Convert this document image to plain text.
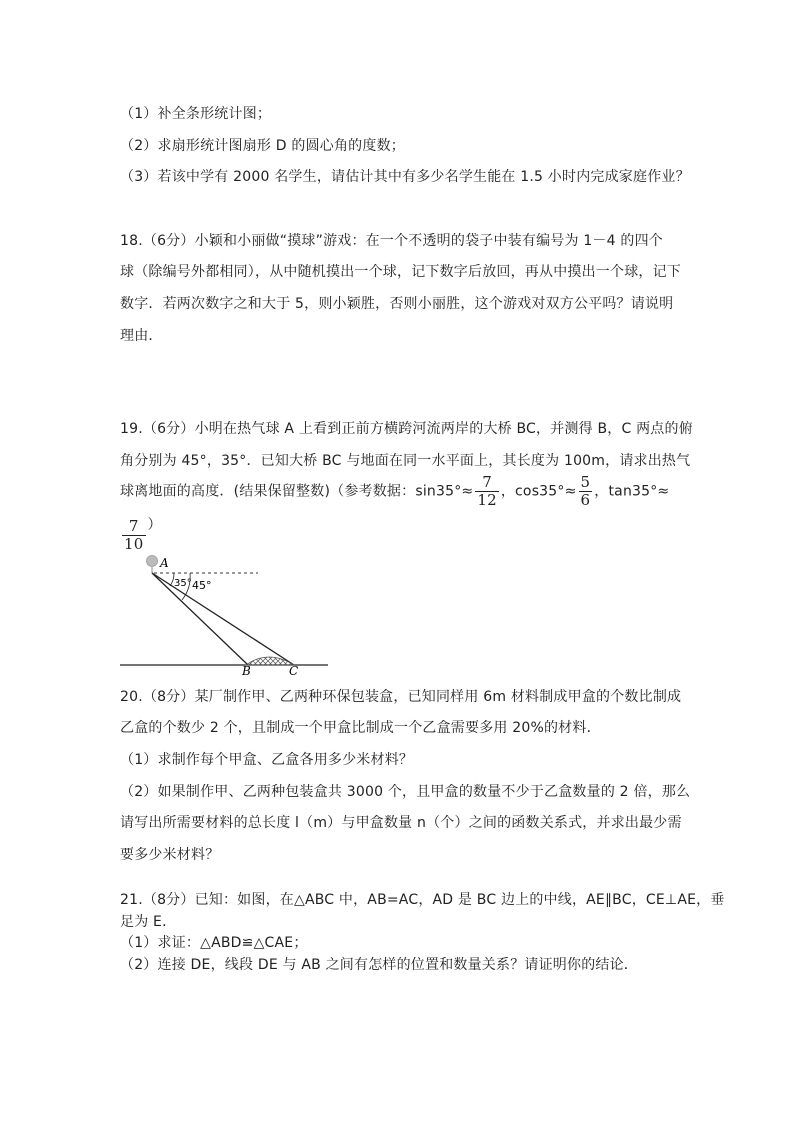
（1）补全条形统计图；
（2）求扇形统计图扇形 D 的圆心角的度数；
（3）若该中学有 2000 名学生，请估计其中有多少名学生能在 1.5 小时内完成家庭作业？
18.（6分）小颖和小丽做“摸球”游戏：在一个不透明的袋子中装有编号为 1－4 的四个
球（除编号外都相同），从中随机摸出一个球，记下数字后放回，再从中摸出一个球，记下
数字．若两次数字之和大于 5，则小颖胜，否则小丽胜，这个游戏对双方公平吗？请说明
理由．
19.（6分）小明在热气球 A 上看到正前方横跨河流两岸的大桥 BC，并测得 B，C 两点的俯
角分别为 45°，35°．已知大桥 BC 与地面在同一水平面上，其长度为 100m，请求出热气
球离地面的高度．(结果保留整数)（参考数据：$\sin 35^\circ\approx \frac{7}{12}$ ，$\cos 35^\circ\approx \frac{5}{6}$ ，tan35°≈
$\frac{7}{10}$ ）
A
35° 45°
B	C
20.（8分）某厂制作甲、乙两种环保包装盒，已知同样用 6m 材料制成甲盒的个数比制成
乙盒的个数少 2 个，且制成一个甲盒比制成一个乙盒需要多用 20%的材料．
（1）求制作每个甲盒、乙盒各用多少米材料？
（2）如果制作甲、乙两种包装盒共 3000 个，且甲盒的数量不少于乙盒数量的 2 倍，那么
请写出所需要材料的总长度 l（m）与甲盒数量 n（个）之间的函数关系式，并求出最少需
要多少米材料？
21.（8分）已知：如图，在△ABC 中，AB=AC，AD 是 BC 边上的中线，AE∥BC，CE⊥AE，垂
足为 E．
（1）求证：△ABD≌△CAE；
（2）连接 DE，线段 DE 与 AB 之间有怎样的位置和数量关系？请证明你的结论．
